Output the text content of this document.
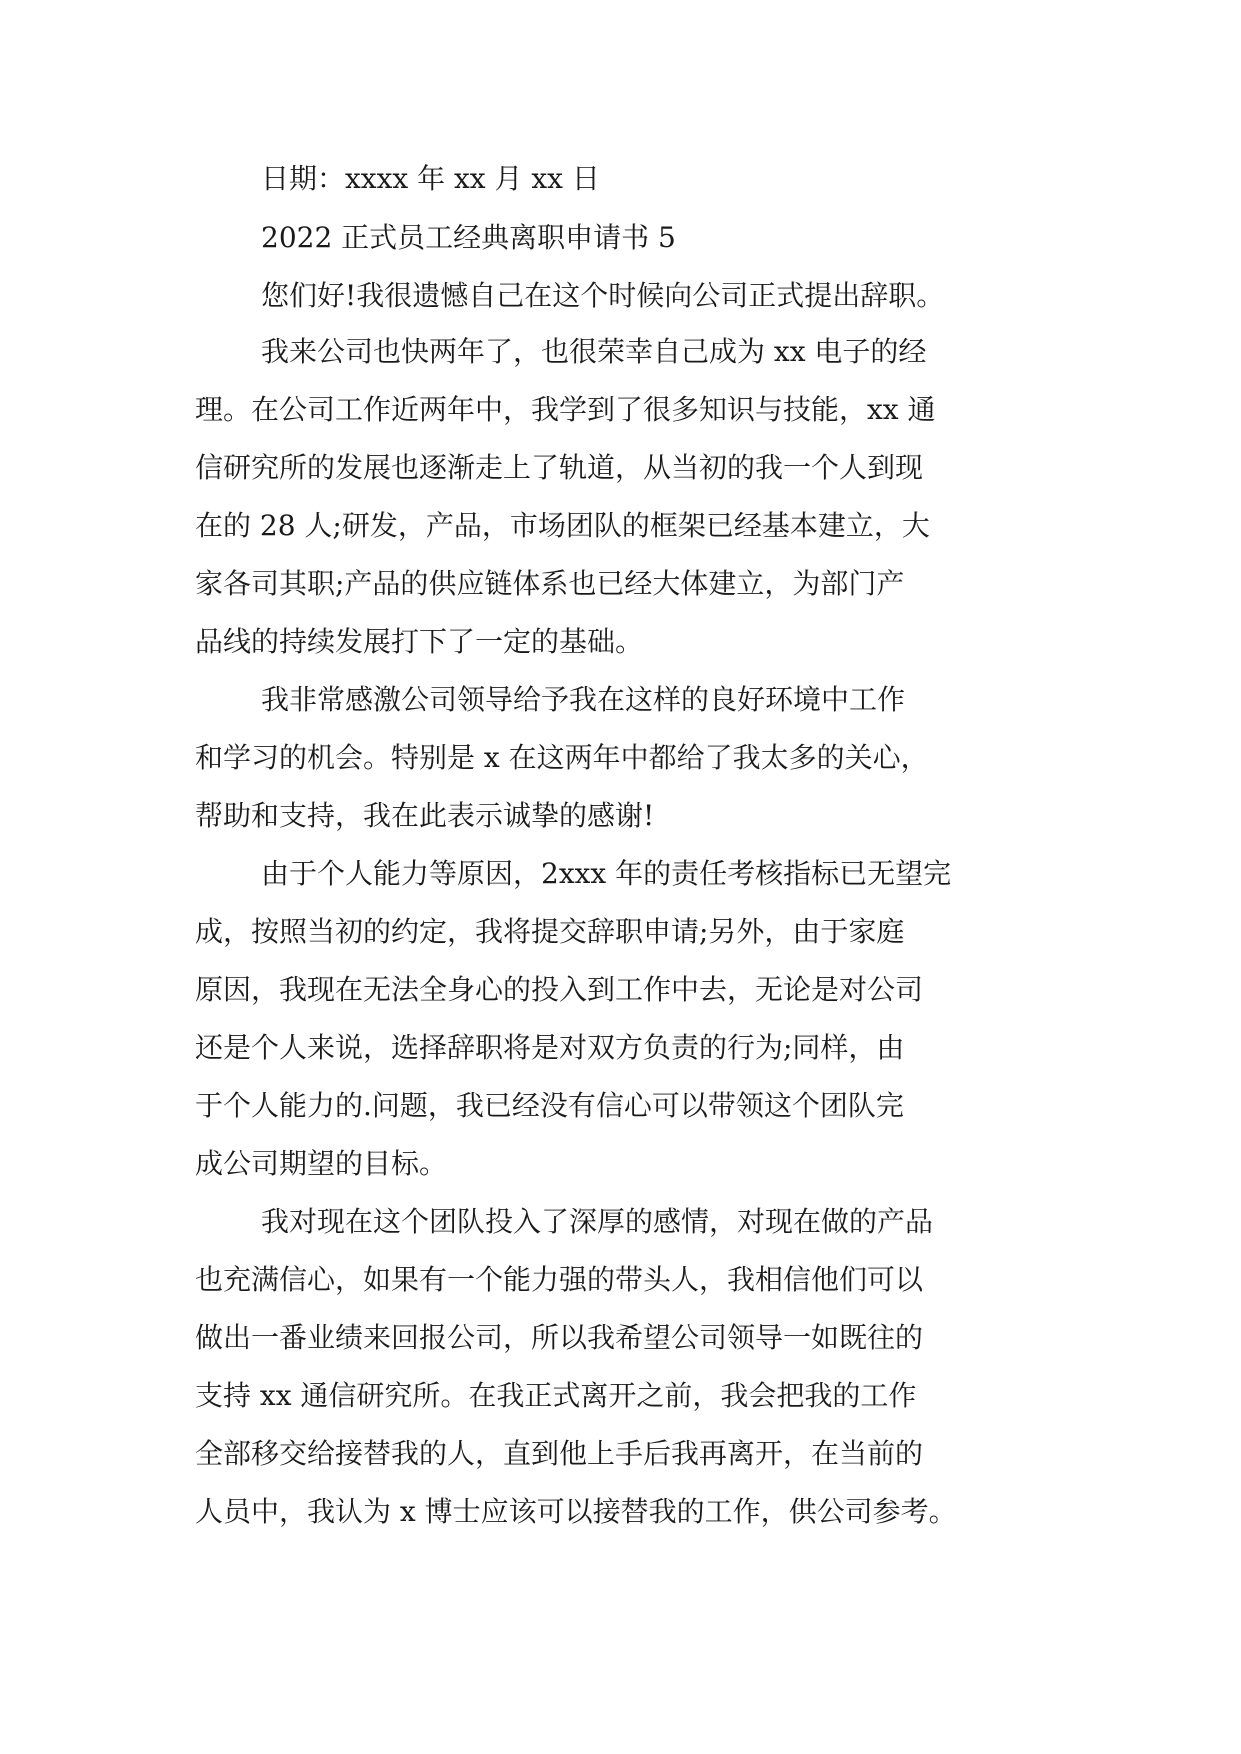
日期：xxxx 年 xx 月 xx 日

2022 正式员工经典离职申请书 5

您们好!我很遗憾自己在这个时候向公司正式提出辞职。

我来公司也快两年了，也很荣幸自己成为 xx 电子的经

理。在公司工作近两年中，我学到了很多知识与技能，xx 通

信研究所的发展也逐渐走上了轨道，从当初的我一个人到现

在的 28 人;研发，产品，市场团队的框架已经基本建立，大

家各司其职;产品的供应链体系也已经大体建立，为部门产

品线的持续发展打下了一定的基础。

我非常感激公司领导给予我在这样的良好环境中工作

和学习的机会。特别是 x 在这两年中都给了我太多的关心，

帮助和支持，我在此表示诚挚的感谢!

由于个人能力等原因，2xxx 年的责任考核指标已无望完

成，按照当初的约定，我将提交辞职申请;另外，由于家庭

原因，我现在无法全身心的投入到工作中去，无论是对公司

还是个人来说，选择辞职将是对双方负责的行为;同样，由

于个人能力的.问题，我已经没有信心可以带领这个团队完

成公司期望的目标。

我对现在这个团队投入了深厚的感情，对现在做的产品

也充满信心，如果有一个能力强的带头人，我相信他们可以

做出一番业绩来回报公司，所以我希望公司领导一如既往的

支持 xx 通信研究所。在我正式离开之前，我会把我的工作

全部移交给接替我的人，直到他上手后我再离开，在当前的

人员中，我认为 x 博士应该可以接替我的工作，供公司参考。
